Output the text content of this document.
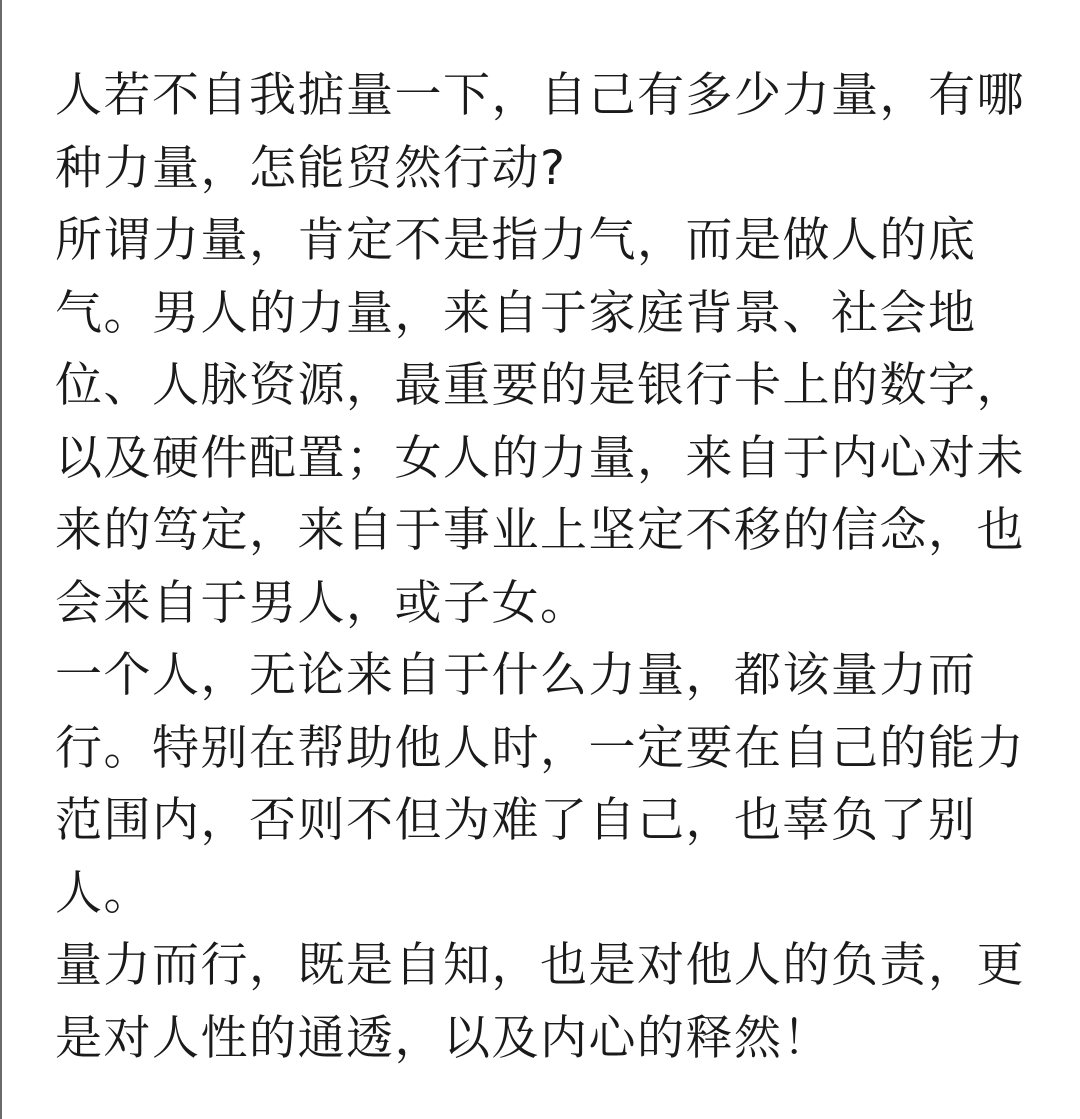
人若不自我掂量一下，自己有多少力量，有哪
种力量，怎能贸然行动?

所谓力量，肯定不是指力气，而是做人的底
气。男人的力量，来自于家庭背景、社会地
位、人脉资源，最重要的是银行卡上的数字，
以及硬件配置；女人的力量，来自于内心对未
来的笃定，来自于事业上坚定不移的信念，也
会来自于男人，或子女。

一个人，无论来自于什么力量，都该量力而
行。特别在帮助他人时，一定要在自己的能力
范围内，否则不但为难了自己，也辜负了别
人。

量力而行，既是自知，也是对他人的负责，更
是对人性的通透，以及内心的释然！
